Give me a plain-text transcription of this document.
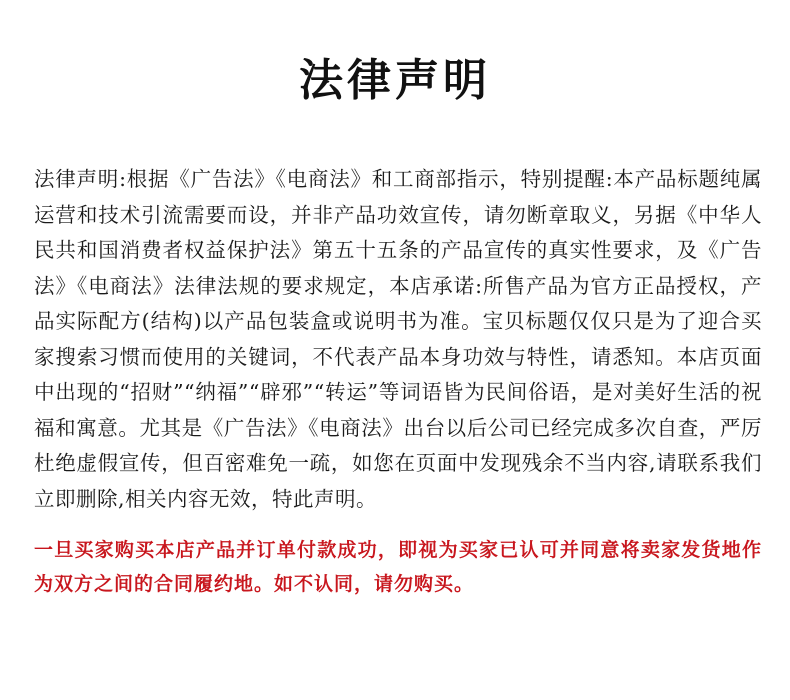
法律声明

法律声明:根据《广告法》《电商法》和工商部指示，特别提醒:本产品标题纯属运营和技术引流需要而设，并非产品功效宣传，请勿断章取义，另据《中华人民共和国消费者权益保护法》第五十五条的产品宣传的真实性要求，及《广告法》《电商法》法律法规的要求规定，本店承诺:所售产品为官方正品授权，产品实际配方(结构)以产品包装盒或说明书为准。宝贝标题仅仅只是为了迎合买家搜索习惯而使用的关键词，不代表产品本身功效与特性，请悉知。本店页面中出现的“招财”“纳福”“辟邪”“转运”等词语皆为民间俗语，是对美好生活的祝福和寓意。尤其是《广告法》《电商法》出台以后公司已经完成多次自查，严厉杜绝虚假宣传，但百密难免一疏，如您在页面中发现残余不当内容,请联系我们立即删除,相关内容无效，特此声明。

一旦买家购买本店产品并订单付款成功，即视为买家已认可并同意将卖家发货地作为双方之间的合同履约地。如不认同，请勿购买。
